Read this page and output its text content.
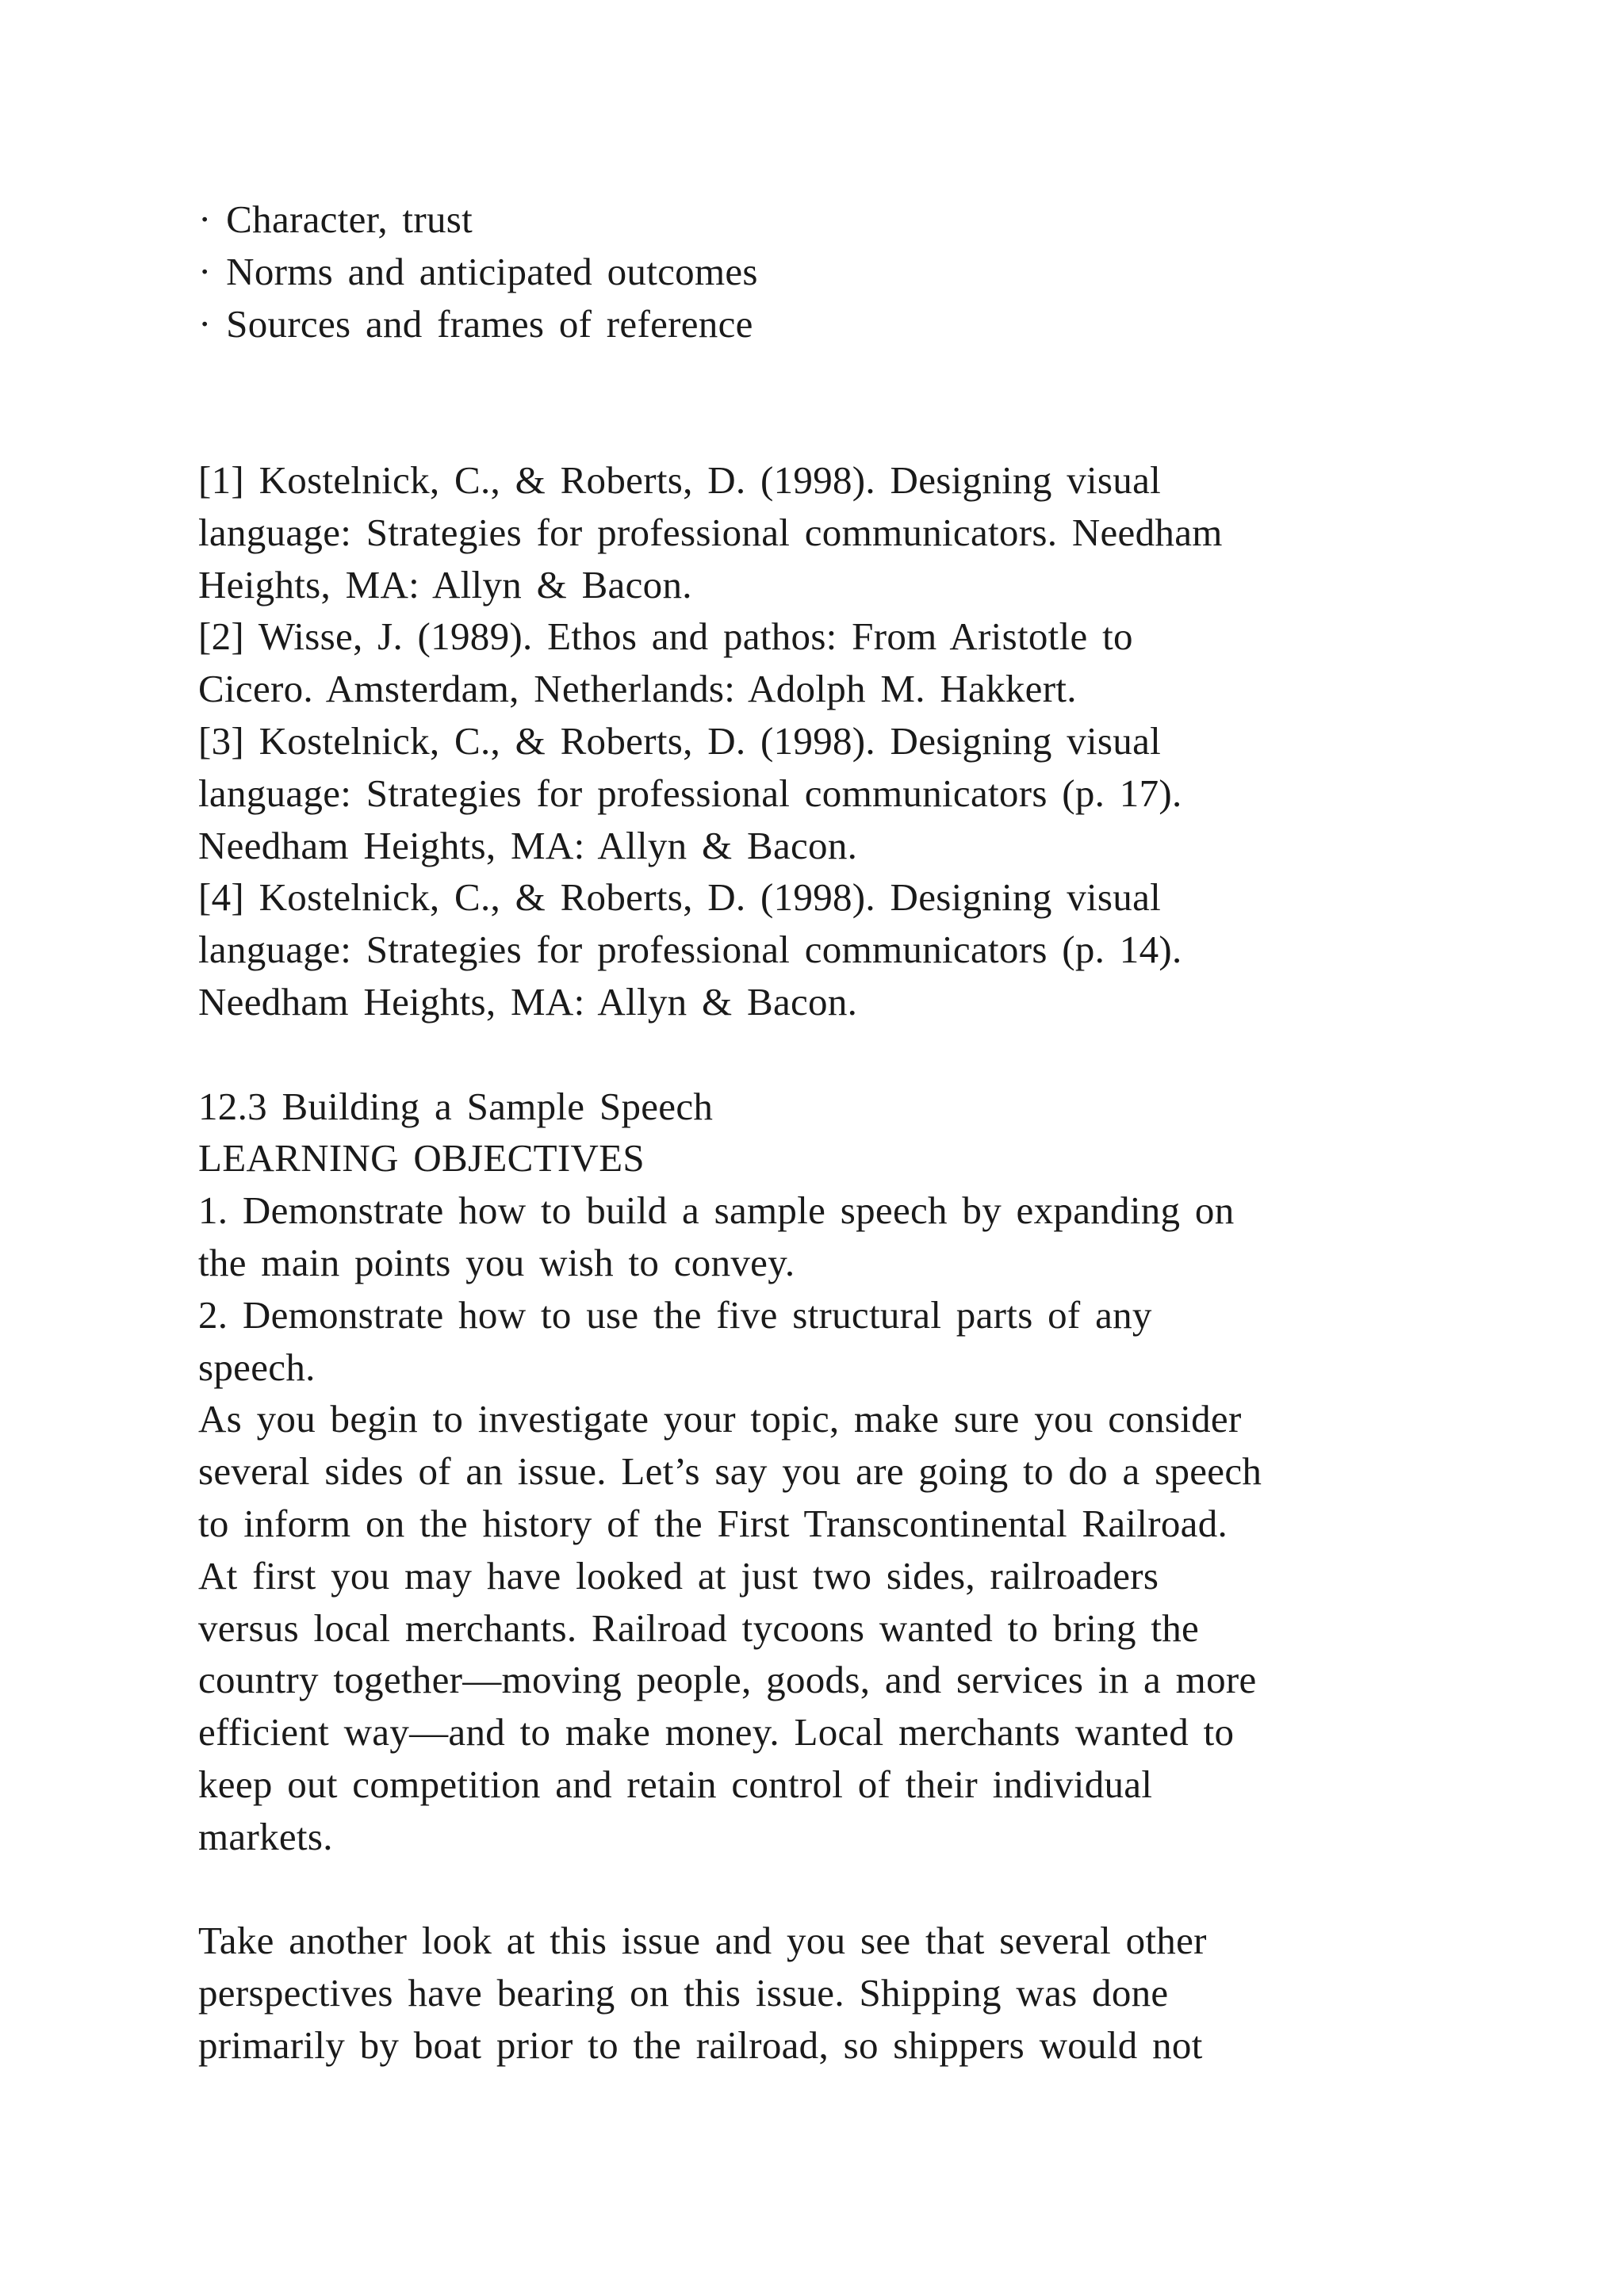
· Character, trust
· Norms and anticipated outcomes
· Sources and frames of reference
[1] Kostelnick, C., & Roberts, D. (1998). Designing visual
language: Strategies for professional communicators. Needham
Heights, MA: Allyn & Bacon.
[2] Wisse, J. (1989). Ethos and pathos: From Aristotle to
Cicero. Amsterdam, Netherlands: Adolph M. Hakkert.
[3] Kostelnick, C., & Roberts, D. (1998). Designing visual
language: Strategies for professional communicators (p. 17).
Needham Heights, MA: Allyn & Bacon.
[4] Kostelnick, C., & Roberts, D. (1998). Designing visual
language: Strategies for professional communicators (p. 14).
Needham Heights, MA: Allyn & Bacon.
12.3 Building a Sample Speech
LEARNING OBJECTIVES
1. Demonstrate how to build a sample speech by expanding on
the main points you wish to convey.
2. Demonstrate how to use the five structural parts of any
speech.
As you begin to investigate your topic, make sure you consider
several sides of an issue. Let’s say you are going to do a speech
to inform on the history of the First Transcontinental Railroad.
At first you may have looked at just two sides, railroaders
versus local merchants. Railroad tycoons wanted to bring the
country together—moving people, goods, and services in a more
efficient way—and to make money. Local merchants wanted to
keep out competition and retain control of their individual
markets.
Take another look at this issue and you see that several other
perspectives have bearing on this issue. Shipping was done
primarily by boat prior to the railroad, so shippers would not
